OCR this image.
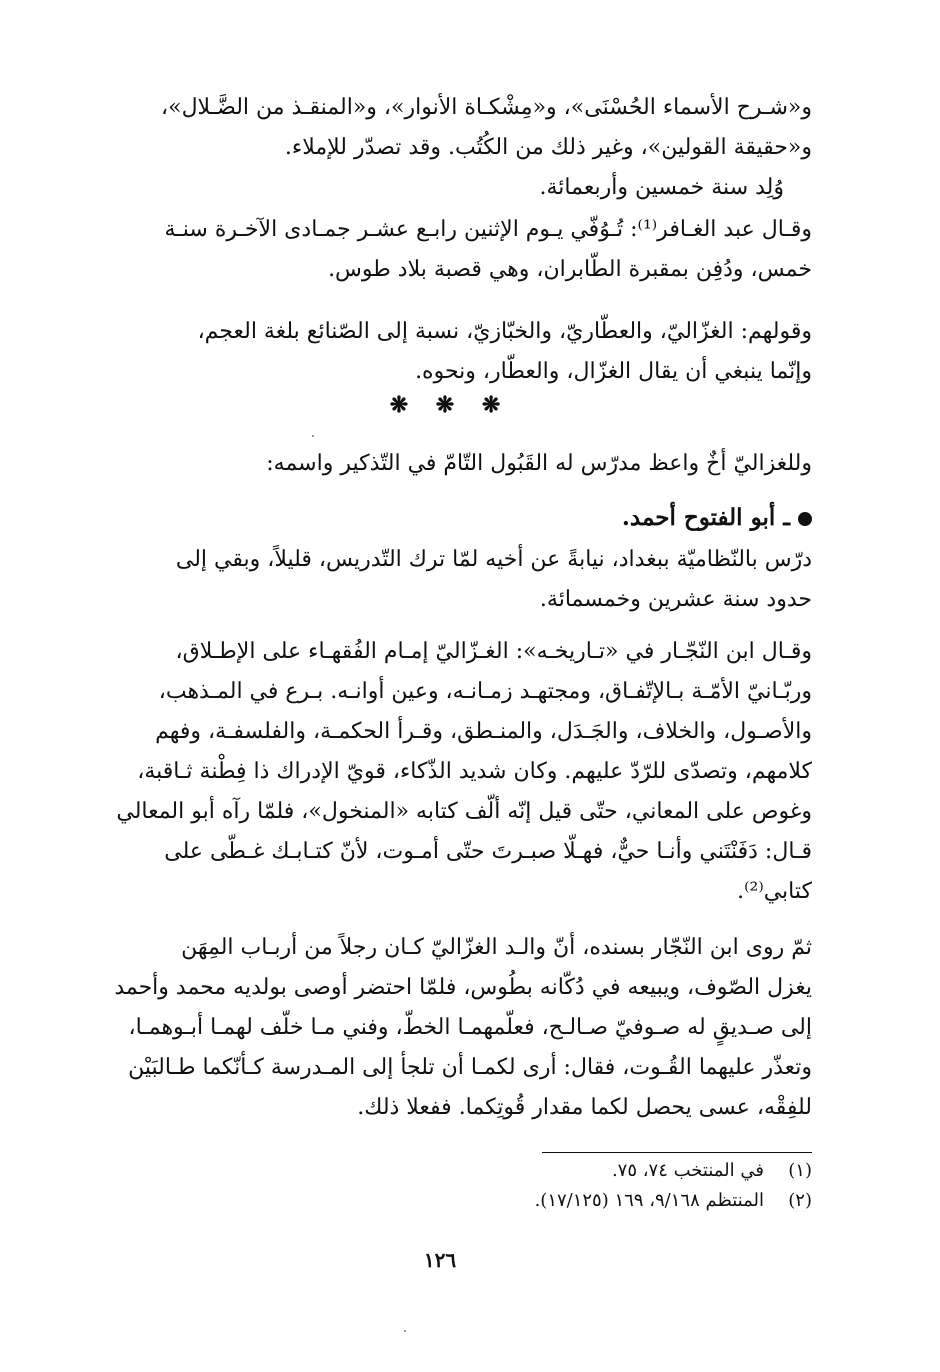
و«شـرح الأسماء الحُسْنَى»، و«مِشْكـاة الأنوار»، و«المنقـذ من الضَّـلال»،
و«حقيقة القولين»، وغير ذلك من الكُتُب. وقد تصدّر للإملاء.
وُلِد سنة خمسين وأربعمائة.
وقـال عبد الغـافر⁽¹⁾: تُـوُفّي يـوم الإثنين رابـع عشـر جمـادى الآخـرة سنـة
خمس، ودُفِن بمقبرة الطّابران، وهي قصبة بلاد طوس.
وقولهم: الغزّاليّ، والعطّاريّ، والخبّازيّ، نسبة إلى الصّنائع بلغة العجم،
وإنّما ينبغي أن يقال الغزّال، والعطّار، ونحوه.
❋ ❋ ❋
وللغزاليّ أخٌ واعظ مدرّس له القَبُول التّامّ في التّذكير واسمه:
ـ أبو الفتوح أحمد.
درّس بالنّظاميّة ببغداد، نيابةً عن أخيه لمّا ترك التّدريس، قليلاً، وبقي إلى
حدود سنة عشرين وخمسمائة.
وقـال ابن النّجّـار في «تـاريخـه»: الغـزّاليّ إمـام الفُقهـاء على الإطـلاق،
وربّـانيّ الأمّـة بـالإتّفـاق، ومجتهـد زمـانـه، وعين أوانـه. بـرع في المـذهب،
والأصـول، والخلاف، والجَـدَل، والمنـطق، وقـرأ الحكمـة، والفلسفـة، وفهم
كلامهم، وتصدّى للرّدّ عليهم. وكان شديد الذّكاء، قويّ الإدراك ذا فِطْنة ثـاقبة،
وغوص على المعاني، حتّى قيل إنّه ألّف كتابه «المنخول»، فلمّا رآه أبو المعالي
قـال: دَفَنْتَني وأنـا حيٌّ، فهـلّا صبـرتَ حتّى أمـوت، لأنّ كتـابـك غـطّى على
كتابي⁽²⁾.
ثمّ روى ابن النّجّار بسنده، أنّ والـد الغزّاليّ كـان رجلاً من أربـاب المِهَن
يغزل الصّوف، ويبيعه في دُكّانه بطُوس، فلمّا احتضر أوصى بولديه محمد وأحمد
إلى صـديقٍ له صـوفيّ صـالـح، فعلّمهمـا الخطّ، وفني مـا خلّف لهمـا أبـوهمـا،
وتعذّر عليهما القُـوت، فقال: أرى لكمـا أن تلجأ إلى المـدرسة كـأنّكما طـالبَيْن
للفِقْه، عسى يحصل لكما مقدار قُوتِكما. ففعلا ذلك.
(١)في المنتخب ٧٤، ٧٥.
(٢)المنتظم ٩/١٦٨، ١٦٩ (١٧/١٢٥).
١٢٦
